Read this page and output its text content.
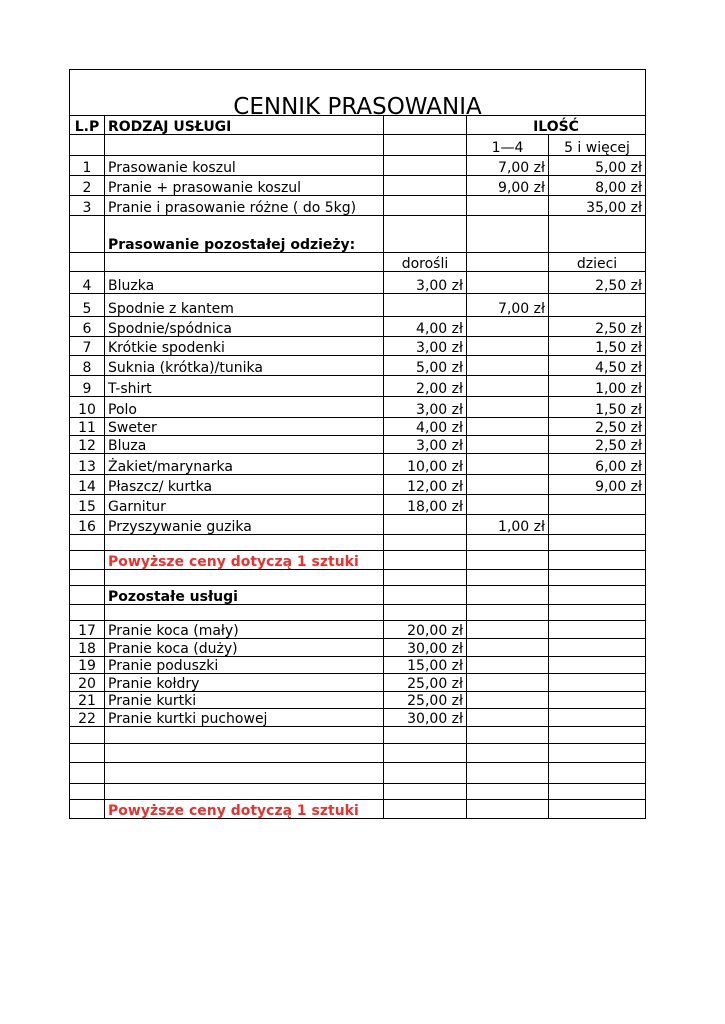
CENNIK PRASOWANIA				
L.P	RODZAJ USŁUGI		ILOŚĆ	
			1—4	5 i więcej
1	Prasowanie koszul		7,00 zł	5,00 zł
2	Pranie + prasowanie koszul		9,00 zł	8,00 zł
3	Pranie i prasowanie różne ( do 5kg)			35,00 zł
	Prasowanie pozostałej odzieży:			
		dorośli		dzieci
4	Bluzka	3,00 zł		2,50 zł
5	Spodnie z kantem		7,00 zł	
6	Spodnie/spódnica	4,00 zł		2,50 zł
7	Krótkie spodenki	3,00 zł		1,50 zł
8	Suknia (krótka)/tunika	5,00 zł		4,50 zł
9	T-shirt	2,00 zł		1,00 zł
10	Polo	3,00 zł		1,50 zł
11	Sweter	4,00 zł		2,50 zł
12	Bluza	3,00 zł		2,50 zł
13	Żakiet/marynarka	10,00 zł		6,00 zł
14	Płaszcz/ kurtka	12,00 zł		9,00 zł
15	Garnitur	18,00 zł		
16	Przyszywanie guzika		1,00 zł	

	Powyższe ceny dotyczą 1 sztuki			

	Pozostałe usługi			

17	Pranie koca (mały)	20,00 zł		
18	Pranie koca (duży)	30,00 zł		
19	Pranie poduszki	15,00 zł		
20	Pranie kołdry	25,00 zł		
21	Pranie kurtki	25,00 zł		
22	Pranie kurtki puchowej	30,00 zł		

	Powyższe ceny dotyczą 1 sztuki			
